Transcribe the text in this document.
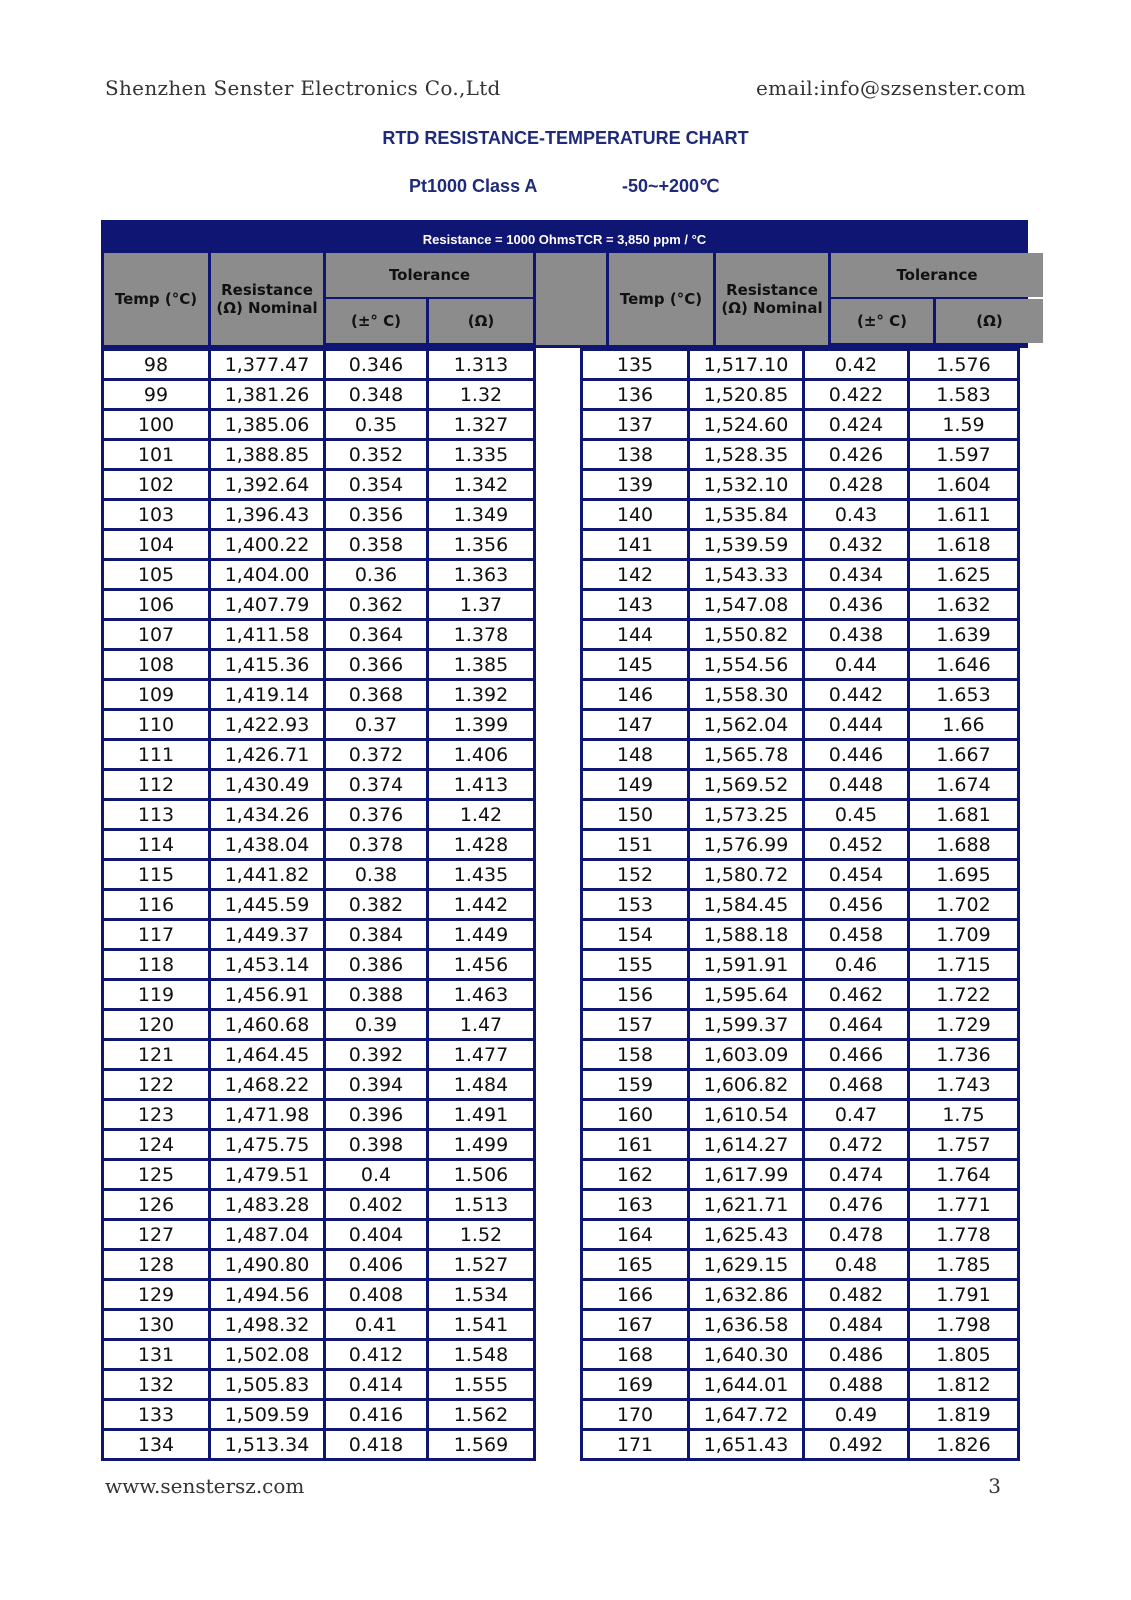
Shenzhen Senster Electronics Co.,Ltd	email:info@szsenster.com
RTD RESISTANCE-TEMPERATURE CHART
Pt1000 Class A	-50~+200℃
Resistance = 1000 OhmsTCR = 3,850 ppm / °C
Temp (°C)	Resistance (Ω) Nominal
Tolerance
(±° C)	(Ω)
Temp (°C)	Resistance (Ω) Nominal
Tolerance
(±° C)	(Ω)
98	1,377.47	0.346	1.313
99	1,381.26	0.348	1.32
100	1,385.06	0.35	1.327
101	1,388.85	0.352	1.335
102	1,392.64	0.354	1.342
103	1,396.43	0.356	1.349
104	1,400.22	0.358	1.356
105	1,404.00	0.36	1.363
106	1,407.79	0.362	1.37
107	1,411.58	0.364	1.378
108	1,415.36	0.366	1.385
109	1,419.14	0.368	1.392
110	1,422.93	0.37	1.399
111	1,426.71	0.372	1.406
112	1,430.49	0.374	1.413
113	1,434.26	0.376	1.42
114	1,438.04	0.378	1.428
115	1,441.82	0.38	1.435
116	1,445.59	0.382	1.442
117	1,449.37	0.384	1.449
118	1,453.14	0.386	1.456
119	1,456.91	0.388	1.463
120	1,460.68	0.39	1.47
121	1,464.45	0.392	1.477
122	1,468.22	0.394	1.484
123	1,471.98	0.396	1.491
124	1,475.75	0.398	1.499
125	1,479.51	0.4	1.506
126	1,483.28	0.402	1.513
127	1,487.04	0.404	1.52
128	1,490.80	0.406	1.527
129	1,494.56	0.408	1.534
130	1,498.32	0.41	1.541
131	1,502.08	0.412	1.548
132	1,505.83	0.414	1.555
133	1,509.59	0.416	1.562
134	1,513.34	0.418	1.569
135	1,517.10	0.42	1.576
136	1,520.85	0.422	1.583
137	1,524.60	0.424	1.59
138	1,528.35	0.426	1.597
139	1,532.10	0.428	1.604
140	1,535.84	0.43	1.611
141	1,539.59	0.432	1.618
142	1,543.33	0.434	1.625
143	1,547.08	0.436	1.632
144	1,550.82	0.438	1.639
145	1,554.56	0.44	1.646
146	1,558.30	0.442	1.653
147	1,562.04	0.444	1.66
148	1,565.78	0.446	1.667
149	1,569.52	0.448	1.674
150	1,573.25	0.45	1.681
151	1,576.99	0.452	1.688
152	1,580.72	0.454	1.695
153	1,584.45	0.456	1.702
154	1,588.18	0.458	1.709
155	1,591.91	0.46	1.715
156	1,595.64	0.462	1.722
157	1,599.37	0.464	1.729
158	1,603.09	0.466	1.736
159	1,606.82	0.468	1.743
160	1,610.54	0.47	1.75
161	1,614.27	0.472	1.757
162	1,617.99	0.474	1.764
163	1,621.71	0.476	1.771
164	1,625.43	0.478	1.778
165	1,629.15	0.48	1.785
166	1,632.86	0.482	1.791
167	1,636.58	0.484	1.798
168	1,640.30	0.486	1.805
169	1,644.01	0.488	1.812
170	1,647.72	0.49	1.819
171	1,651.43	0.492	1.826
www.senstersz.com	3
